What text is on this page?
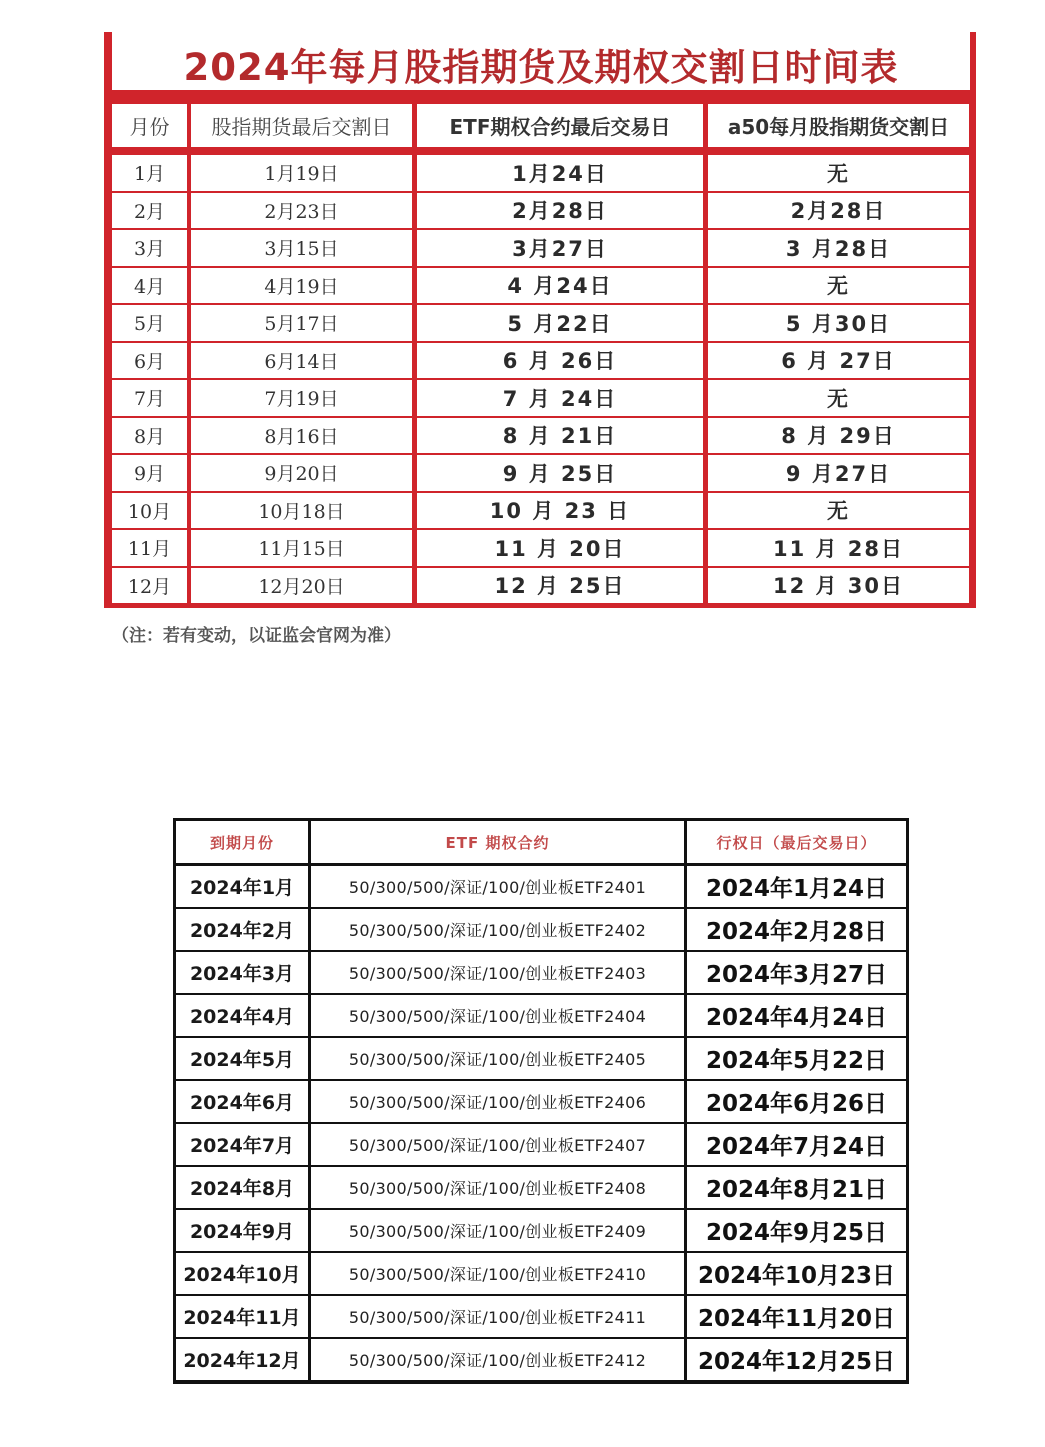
2024年每月股指期货及期权交割日时间表
月份	股指期货最后交割日	ETF期权合约最后交易日	a50每月股指期货交割日
1月	1月19日	1月24日	无
2月	2月23日	2月28日	2月28日
3月	3月15日	3月27日	3 月28日
4月	4月19日	4 月24日	无
5月	5月17日	5 月22日	5 月30日
6月	6月14日	6 月 26日	6 月 27日
7月	7月19日	7 月 24日	无
8月	8月16日	8 月 21日	8 月 29日
9月	9月20日	9 月 25日	9 月27日
10月	10月18日	10 月 23 日	无
11月	11月15日	11 月 20日	11 月 28日
12月	12月20日	12 月 25日	12 月 30日
（注：若有变动，以证监会官网为准）
到期月份	ETF 期权合约	行权日（最后交易日）
2024年1月	50/300/500/深证/100/创业板ETF2401	2024年1月24日
2024年2月	50/300/500/深证/100/创业板ETF2402	2024年2月28日
2024年3月	50/300/500/深证/100/创业板ETF2403	2024年3月27日
2024年4月	50/300/500/深证/100/创业板ETF2404	2024年4月24日
2024年5月	50/300/500/深证/100/创业板ETF2405	2024年5月22日
2024年6月	50/300/500/深证/100/创业板ETF2406	2024年6月26日
2024年7月	50/300/500/深证/100/创业板ETF2407	2024年7月24日
2024年8月	50/300/500/深证/100/创业板ETF2408	2024年8月21日
2024年9月	50/300/500/深证/100/创业板ETF2409	2024年9月25日
2024年10月	50/300/500/深证/100/创业板ETF2410	2024年10月23日
2024年11月	50/300/500/深证/100/创业板ETF2411	2024年11月20日
2024年12月	50/300/500/深证/100/创业板ETF2412	2024年12月25日
